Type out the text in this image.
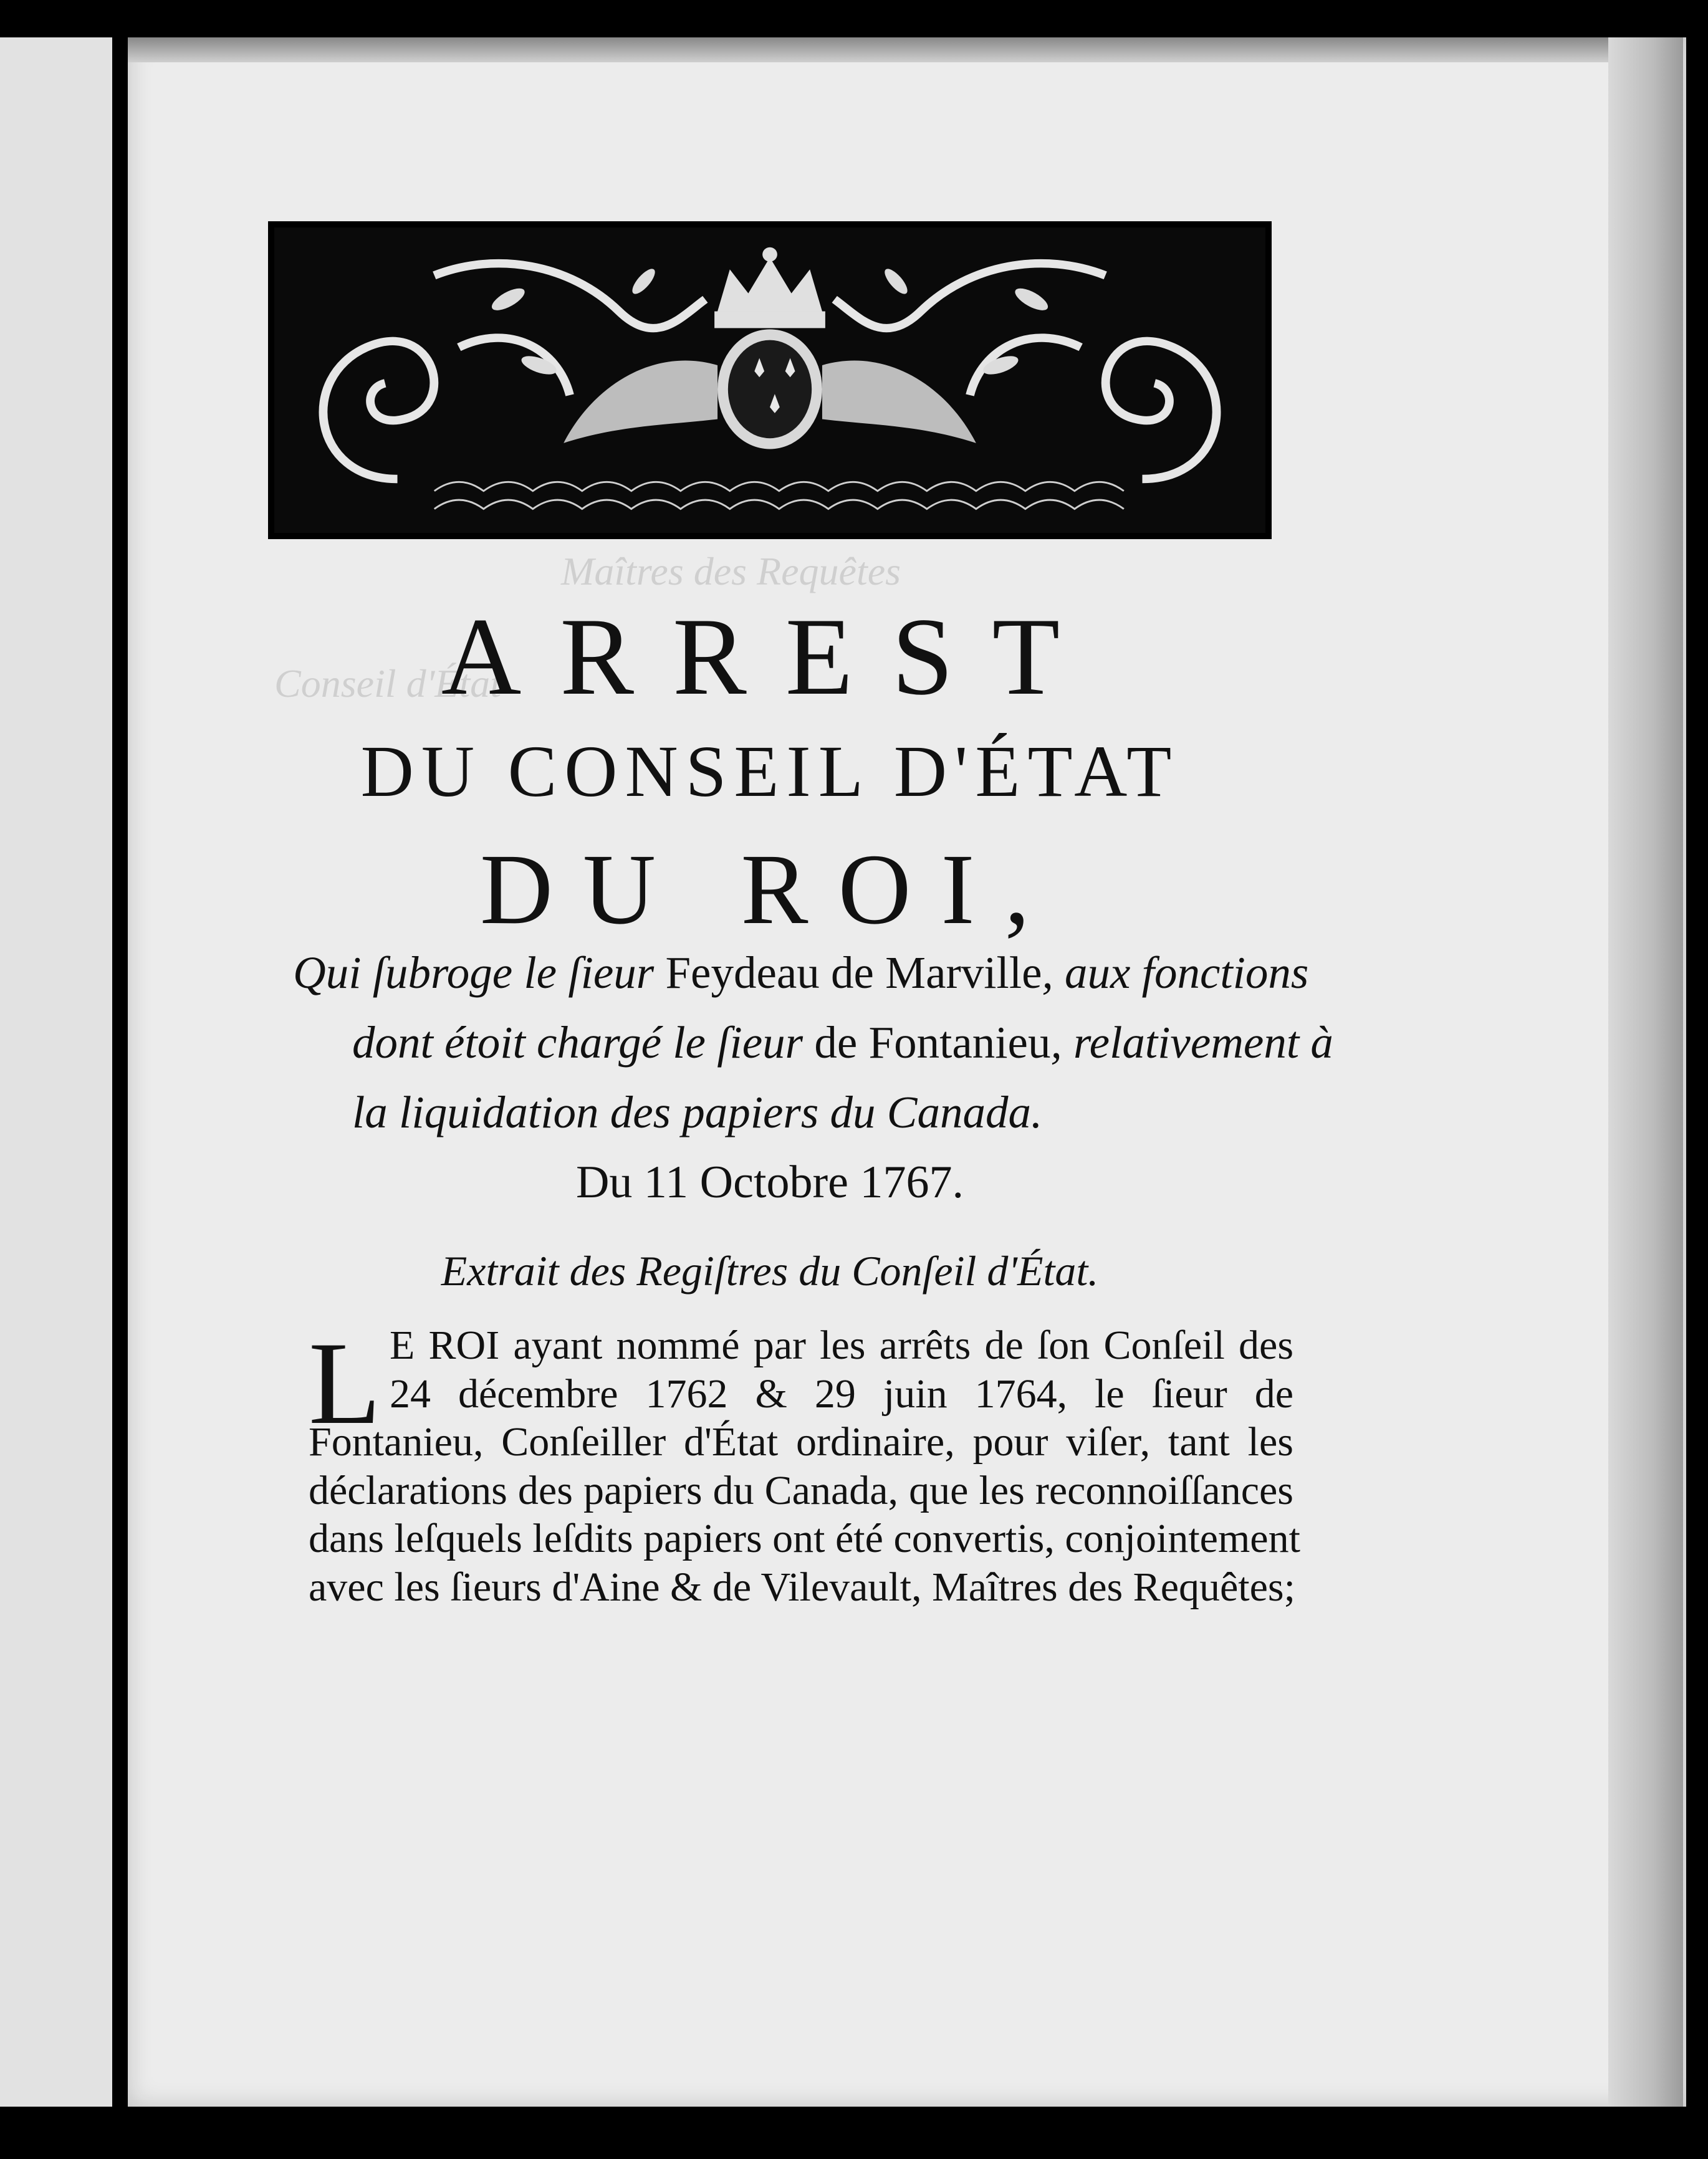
Maîtres des Requêtes
Conseil d'État
ARREST
DU CONSEIL D'ÉTAT
DU ROI,

Qui ſubroge le ſieur Feydeau de Marville, aux fonctions

dont étoit chargé le ſieur de Fontanieu, relativement à

la liquidation des papiers du Canada.

Du 11 Octobre 1767.
Extrait des Regiſtres du Conſeil d'État.
L E ROI ayant nommé par les arrêts de ſon Conſeil des
24 décembre 1762 & 29 juin 1764, le ſieur de
Fontanieu, Conſeiller d'État ordinaire, pour viſer, tant les
déclarations des papiers du Canada, que les reconnoiſſances
dans leſquels leſdits papiers ont été convertis, conjointement
avec les ſieurs d'Aine & de Vilevault, Maîtres des Requêtes;
